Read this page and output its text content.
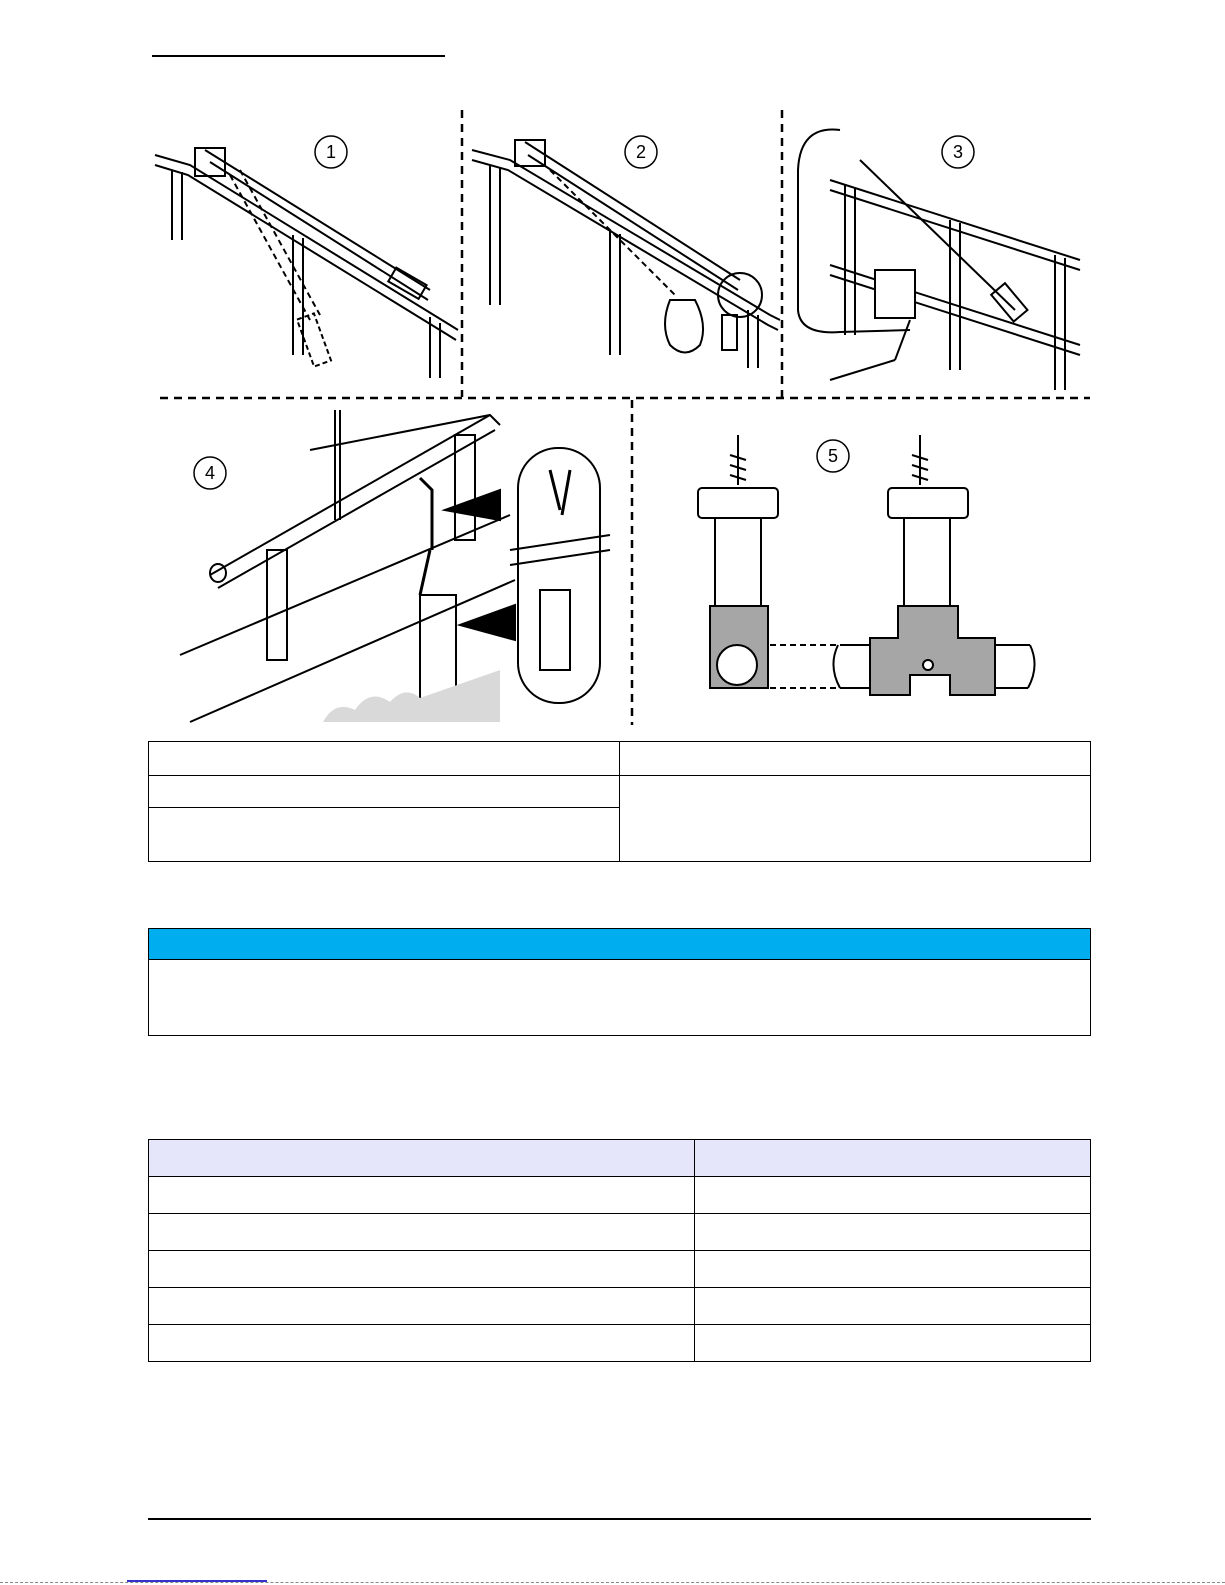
1	2	3
4
5
